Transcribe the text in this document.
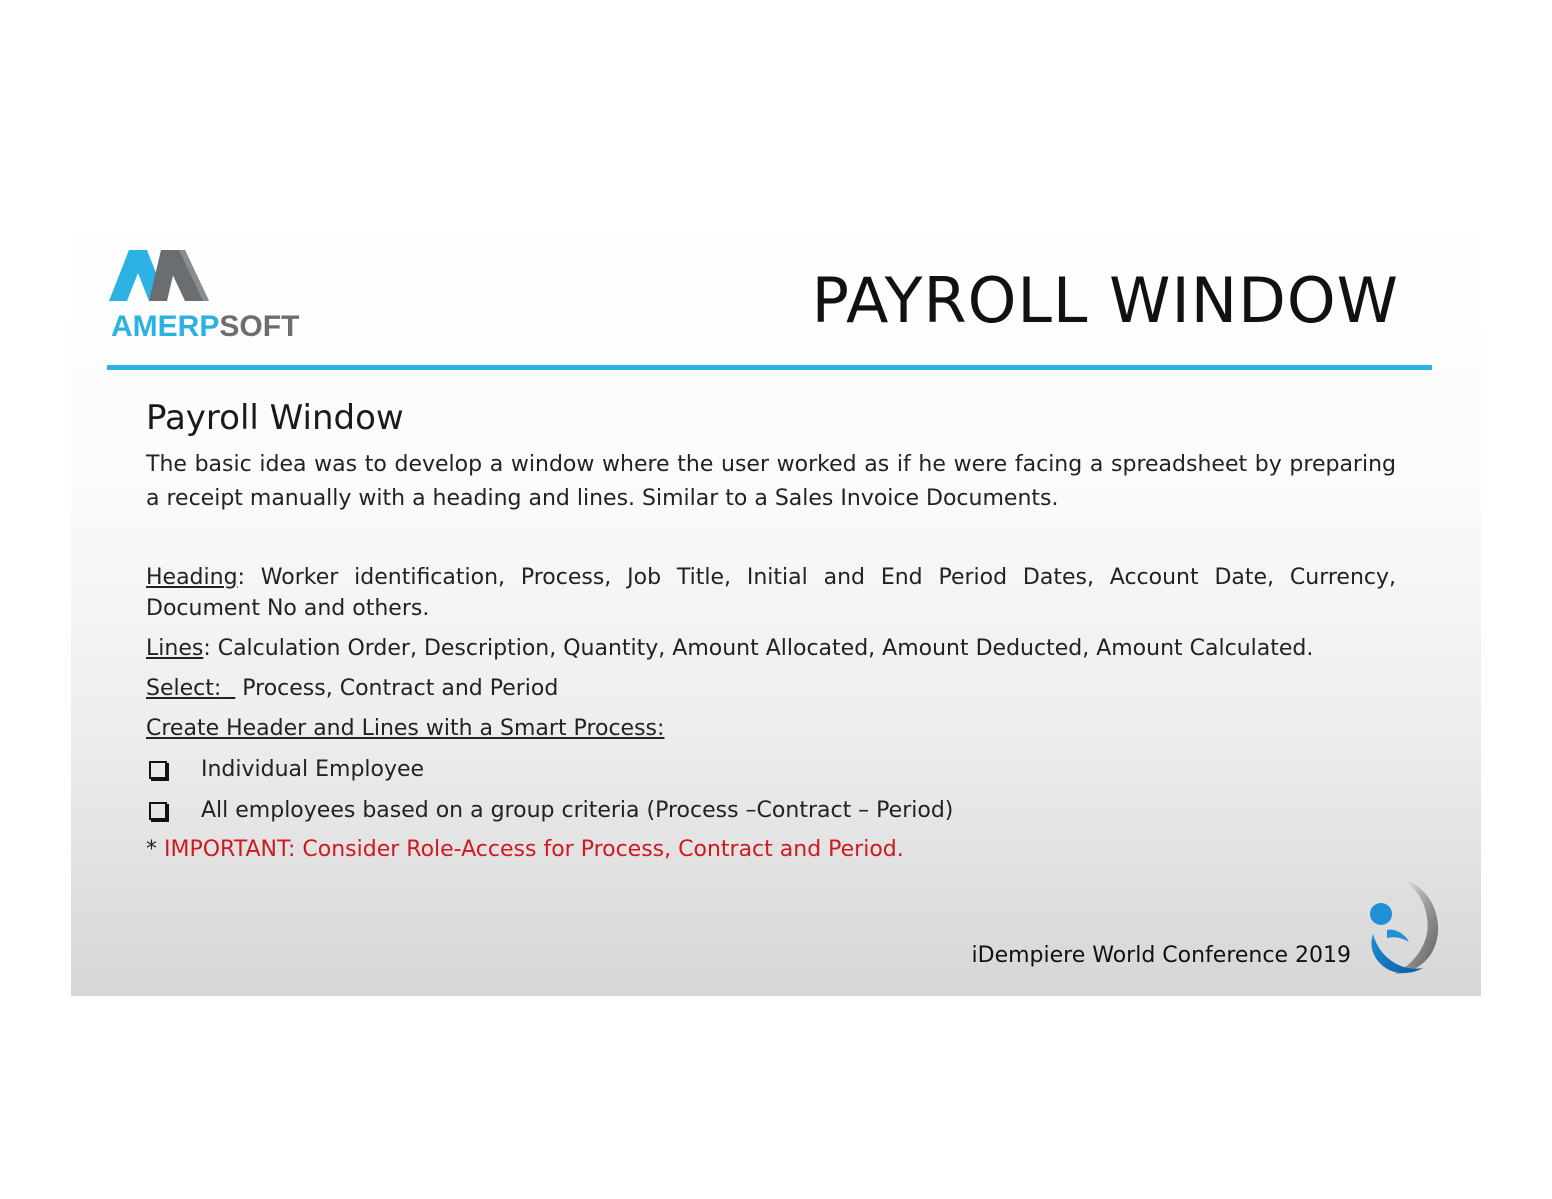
AMERPSOFT	PAYROLL WINDOW
Payroll Window

The basic idea was to develop a window where the user worked as if he were facing a spreadsheet by preparing a receipt manually with a heading and lines. Similar to a Sales Invoice Documents.

Heading: Worker identification, Process, Job Title, Initial and End Period Dates, Account Date, Currency, Document No and others.

Lines: Calculation Order, Description, Quantity, Amount Allocated, Amount Deducted, Amount Calculated.

Select:   Process, Contract and Period

Create Header and Lines with a Smart Process:

Individual Employee
All employees based on a group criteria (Process –Contract – Period)
* IMPORTANT: Consider Role-Access for Process, Contract and Period.
iDempiere World Conference 2019
